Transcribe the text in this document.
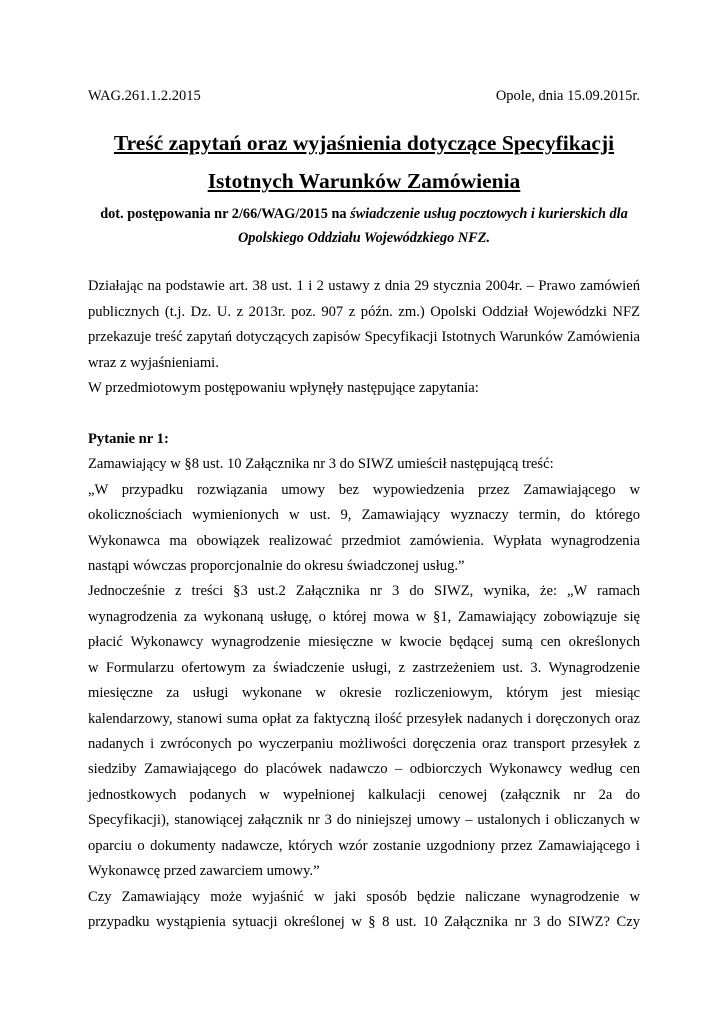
WAG.261.1.2.2015	Opole, dnia 15.09.2015r.
Treść zapytań oraz wyjaśnienia dotyczące Specyfikacji
Istotnych Warunków Zamówienia
dot. postępowania nr 2/66/WAG/2015 na świadczenie usług pocztowych i kurierskich dla
Opolskiego Oddziału Wojewódzkiego NFZ.
Działając na podstawie art. 38 ust. 1 i 2 ustawy z dnia 29 stycznia 2004r. – Prawo zamówień
publicznych (t.j. Dz. U. z 2013r. poz. 907 z późn. zm.) Opolski Oddział Wojewódzki NFZ
przekazuje treść zapytań dotyczących zapisów Specyfikacji Istotnych Warunków Zamówienia
wraz z wyjaśnieniami.
W przedmiotowym postępowaniu wpłynęły następujące zapytania:
Pytanie nr 1:
Zamawiający w §8 ust. 10 Załącznika nr 3 do SIWZ umieścił następującą treść:
„W przypadku rozwiązania umowy bez wypowiedzenia przez Zamawiającego w
okolicznościach wymienionych w ust. 9, Zamawiający wyznaczy termin, do którego
Wykonawca ma obowiązek realizować przedmiot zamówienia. Wypłata wynagrodzenia
nastąpi wówczas proporcjonalnie do okresu świadczonej usług.”
Jednocześnie z treści §3 ust.2 Załącznika nr 3 do SIWZ, wynika, że: „W ramach
wynagrodzenia za wykonaną usługę, o której mowa w §1, Zamawiający zobowiązuje się
płacić Wykonawcy wynagrodzenie miesięczne w kwocie będącej sumą cen określonych
w Formularzu ofertowym za świadczenie usługi, z zastrzeżeniem ust. 3. Wynagrodzenie
miesięczne za usługi wykonane w okresie rozliczeniowym, którym jest miesiąc
kalendarzowy, stanowi suma opłat za faktyczną ilość przesyłek nadanych i doręczonych oraz
nadanych i zwróconych po wyczerpaniu możliwości doręczenia oraz transport przesyłek z
siedziby Zamawiającego do placówek nadawczo – odbiorczych Wykonawcy według cen
jednostkowych podanych w wypełnionej kalkulacji cenowej (załącznik nr 2a do
Specyfikacji), stanowiącej załącznik nr 3 do niniejszej umowy – ustalonych i obliczanych w
oparciu o dokumenty nadawcze, których wzór zostanie uzgodniony przez Zamawiającego i
Wykonawcę przed zawarciem umowy.”
Czy Zamawiający może wyjaśnić w jaki sposób będzie naliczane wynagrodzenie w
przypadku wystąpienia sytuacji określonej w § 8 ust. 10 Załącznika nr 3 do SIWZ? Czy
